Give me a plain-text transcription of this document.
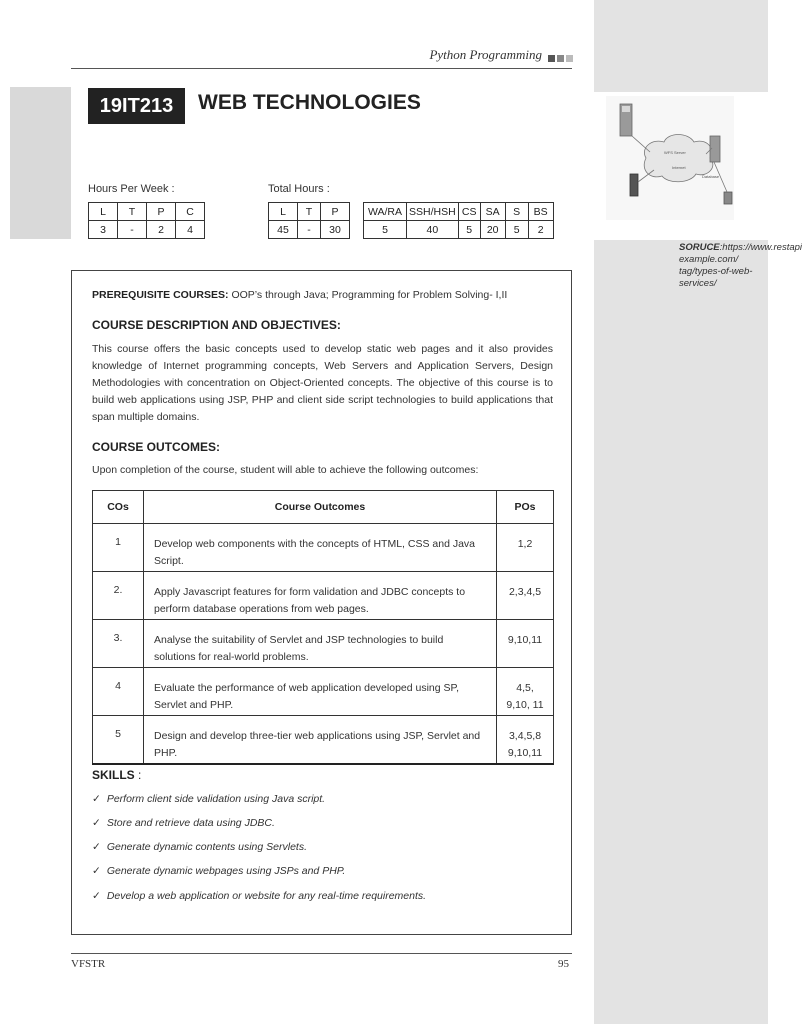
Python Programming
19IT213	WEB TECHNOLOGIES
Hours Per Week :
L	T	P	C
3	-	2	4
Total Hours :
L	T	P
45	-	30
WA/RA	SSH/HSH	CS	SA	S	BS
5	40	5	20	5	2
WFS Server
Internet
Database
SORUCE:https://www.restapi example.com/ tag/types-of-web-services/
PREREQUISITE COURSES: OOP’s through Java; Programming for Problem Solving- I,II
COURSE DESCRIPTION AND OBJECTIVES:
This course offers the basic concepts used to develop static web pages and it also provides knowledge of Internet programming concepts, Web Servers and Application Servers, Design Methodologies with concentration on Object-Oriented concepts. The objective of this course is to build web applications using JSP, PHP and client side script technologies to build applications that span multiple domains.
COURSE OUTCOMES:
Upon completion of the course, student will able to achieve the following outcomes:
COs	Course Outcomes	POs
1	Develop web components with the concepts of HTML, CSS and Java Script.	1,2

2.	Apply Javascript features for form validation and JDBC concepts to perform database operations from web pages.	2,3,4,5

3.	Analyse the suitability of Servlet and JSP technologies to build solutions for real-world problems.	9,10,11

4	Evaluate the performance of web application developed using SP, Servlet and PHP.	4,5,
9,10, 11

5	Design and develop three-tier web applications using JSP, Servlet and PHP.	3,4,5,8
9,10,11
SKILLS :
✓ Perform client side validation using Java script.
✓ Store and retrieve data using JDBC.
✓ Generate dynamic contents using Servlets.
✓ Generate dynamic webpages using JSPs and PHP.
✓ Develop a web application or website for any real-time requirements.
VFSTR	95
